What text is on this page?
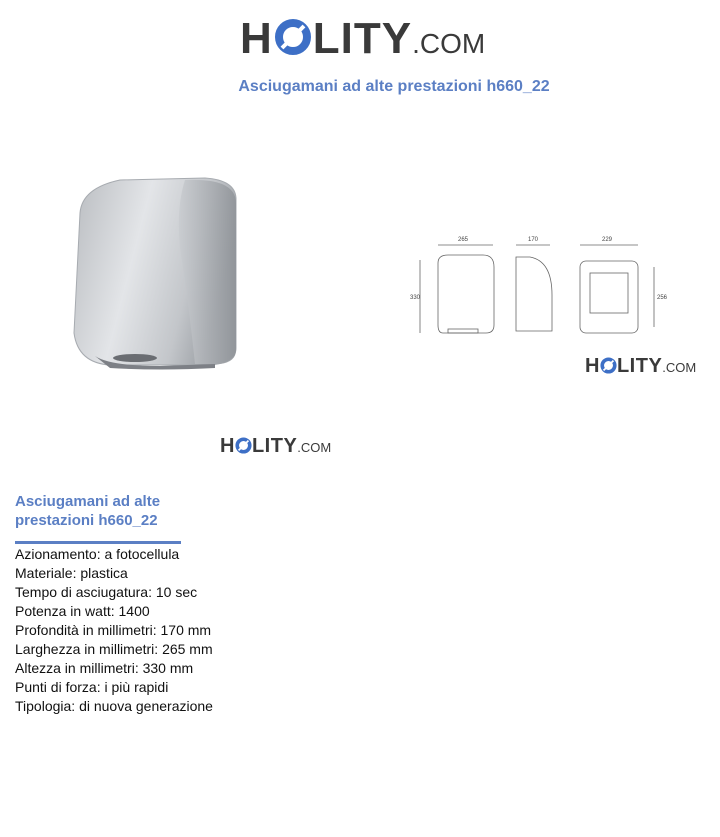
H LITY.COM
Asciugamani ad alte prestazioni h660_22
265	170	229
330	256
H LITY.COM
H LITY.COM
Asciugamani ad alte prestazioni h660_22
Azionamento: a fotocellula
Materiale: plastica
Tempo di asciugatura: 10 sec
Potenza in watt: 1400
Profondità in millimetri: 170 mm
Larghezza in millimetri: 265 mm
Altezza in millimetri: 330 mm
Punti di forza: i più rapidi
Tipologia: di nuova generazione
